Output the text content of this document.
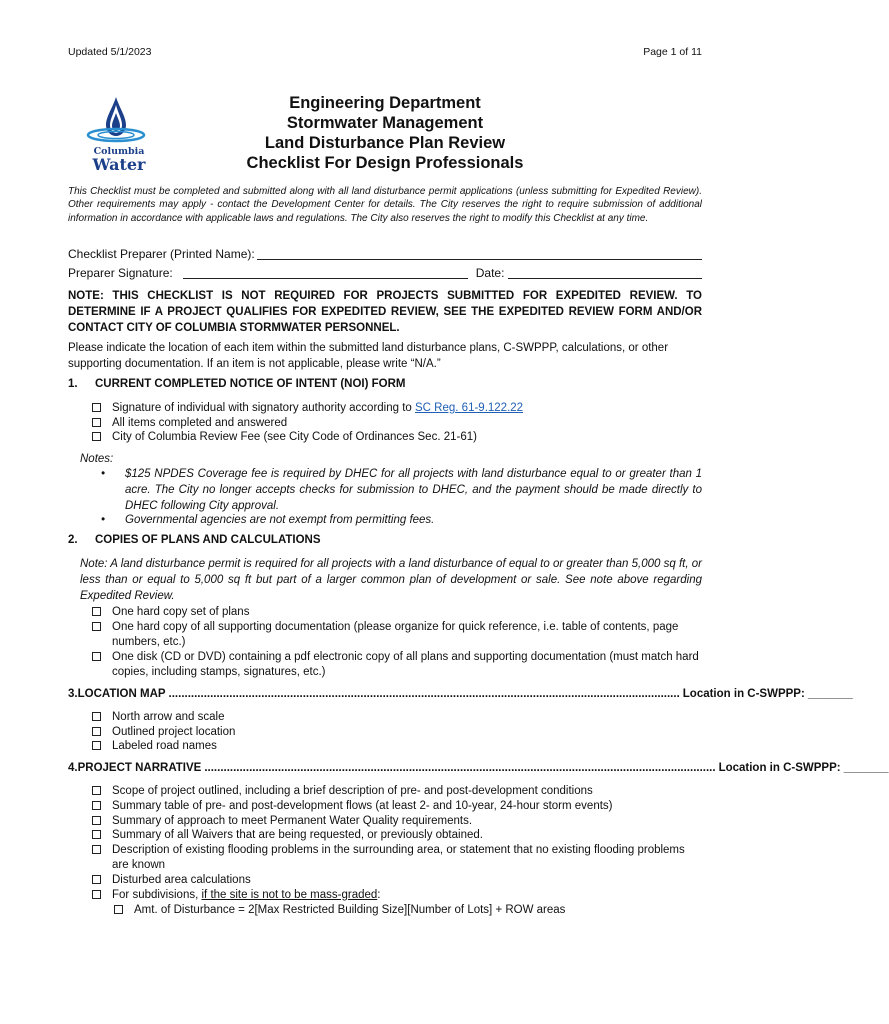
Updated 5/1/2023	Page 1 of 11
Columbia
Water
Engineering Department
Stormwater Management
Land Disturbance Plan Review
Checklist For Design Professionals
This Checklist must be completed and submitted along with all land disturbance permit applications (unless submitting for Expedited Review). Other requirements may apply - contact the Development Center for details. The City reserves the right to require submission of additional information in accordance with applicable laws and regulations. The City also reserves the right to modify this Checklist at any time.
Checklist Preparer (Printed Name):
Preparer Signature:	Date:
NOTE: THIS CHECKLIST IS NOT REQUIRED FOR PROJECTS SUBMITTED FOR EXPEDITED REVIEW. TO DETERMINE IF A PROJECT QUALIFIES FOR EXPEDITED REVIEW, SEE THE EXPEDITED REVIEW FORM AND/OR CONTACT CITY OF COLUMBIA STORMWATER PERSONNEL.
Please indicate the location of each item within the submitted land disturbance plans, C-SWPPP, calculations, or other supporting documentation. If an item is not applicable, please write “N/A.”
1.	CURRENT COMPLETED NOTICE OF INTENT (NOI) FORM
Signature of individual with signatory authority according to SC Reg. 61-9.122.22
All items completed and answered
City of Columbia Review Fee (see City Code of Ordinances Sec. 21-61)
Notes:
•	$125 NPDES Coverage fee is required by DHEC for all projects with land disturbance equal to or greater than 1 acre. The City no longer accepts checks for submission to DHEC, and the payment should be made directly to DHEC following City approval.
•	Governmental agencies are not exempt from permitting fees.
2.	COPIES OF PLANS AND CALCULATIONS
Note: A land disturbance permit is required for all projects with a land disturbance of equal to or greater than 5,000 sq ft, or less than or equal to 5,000 sq ft but part of a larger common plan of development or sale. See note above regarding Expedited Review.
One hard copy set of plans
One hard copy of all supporting documentation (please organize for quick reference, i.e. table of contents, page numbers, etc.)
One disk (CD or DVD) containing a pdf electronic copy of all plans and supporting documentation (must match hard copies, including stamps, signatures, etc.)
3. LOCATION MAP ................................................................................................................................................................ Location in C-SWPPP: _______
North arrow and scale
Outlined project location
Labeled road names
4. PROJECT NARRATIVE ................................................................................................................................................................ Location in C-SWPPP: _______
Scope of project outlined, including a brief description of pre- and post-development conditions
Summary table of pre- and post-development flows (at least 2- and 10-year, 24-hour storm events)
Summary of approach to meet Permanent Water Quality requirements.
Summary of all Waivers that are being requested, or previously obtained.
Description of existing flooding problems in the surrounding area, or statement that no existing flooding problems are known
Disturbed area calculations
For subdivisions, if the site is not to be mass-graded:
Amt. of Disturbance = 2[Max Restricted Building Size][Number of Lots] + ROW areas
